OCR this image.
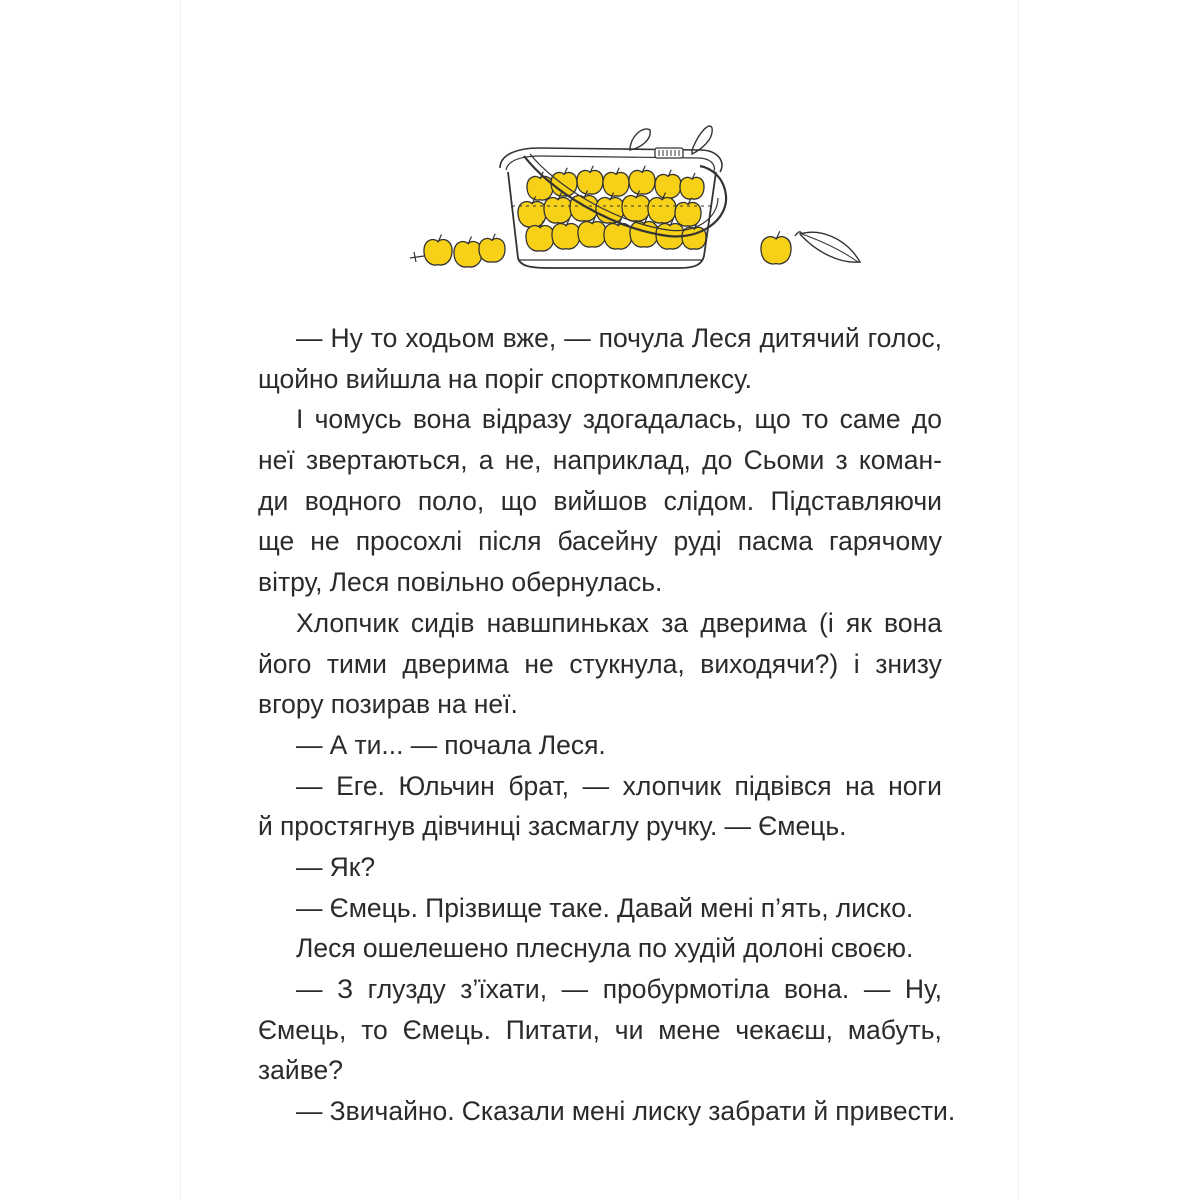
— Ну то ходьом вже, — почула Леся дитячий голос,
щойно вийшла на поріг спорткомплексу.
І чомусь вона відразу здогадалась, що то саме до
неї звертаються, а не, наприклад, до Сьоми з коман-
ди водного поло, що вийшов слідом. Підставляючи
ще не просохлі після басейну руді пасма гарячому
вітру, Леся повільно обернулась.
Хлопчик сидів навшпиньках за дверима (і як вона
його тими дверима не стукнула, виходячи?) і знизу
вгору позирав на неї.
— А ти... — почала Леся.
— Еге. Юльчин брат, — хлопчик підвівся на ноги
й простягнув дівчинці засмаглу ручку. — Ємець.
— Як?
— Ємець. Прізвище таке. Давай мені п’ять, лиско.
Леся ошелешено плеснула по худій долоні своєю.
— З глузду з’їхати, — пробурмотіла вона. — Ну,
Ємець, то Ємець. Питати, чи мене чекаєш, мабуть,
зайве?
— Звичайно. Сказали мені лиску забрати й привести.
